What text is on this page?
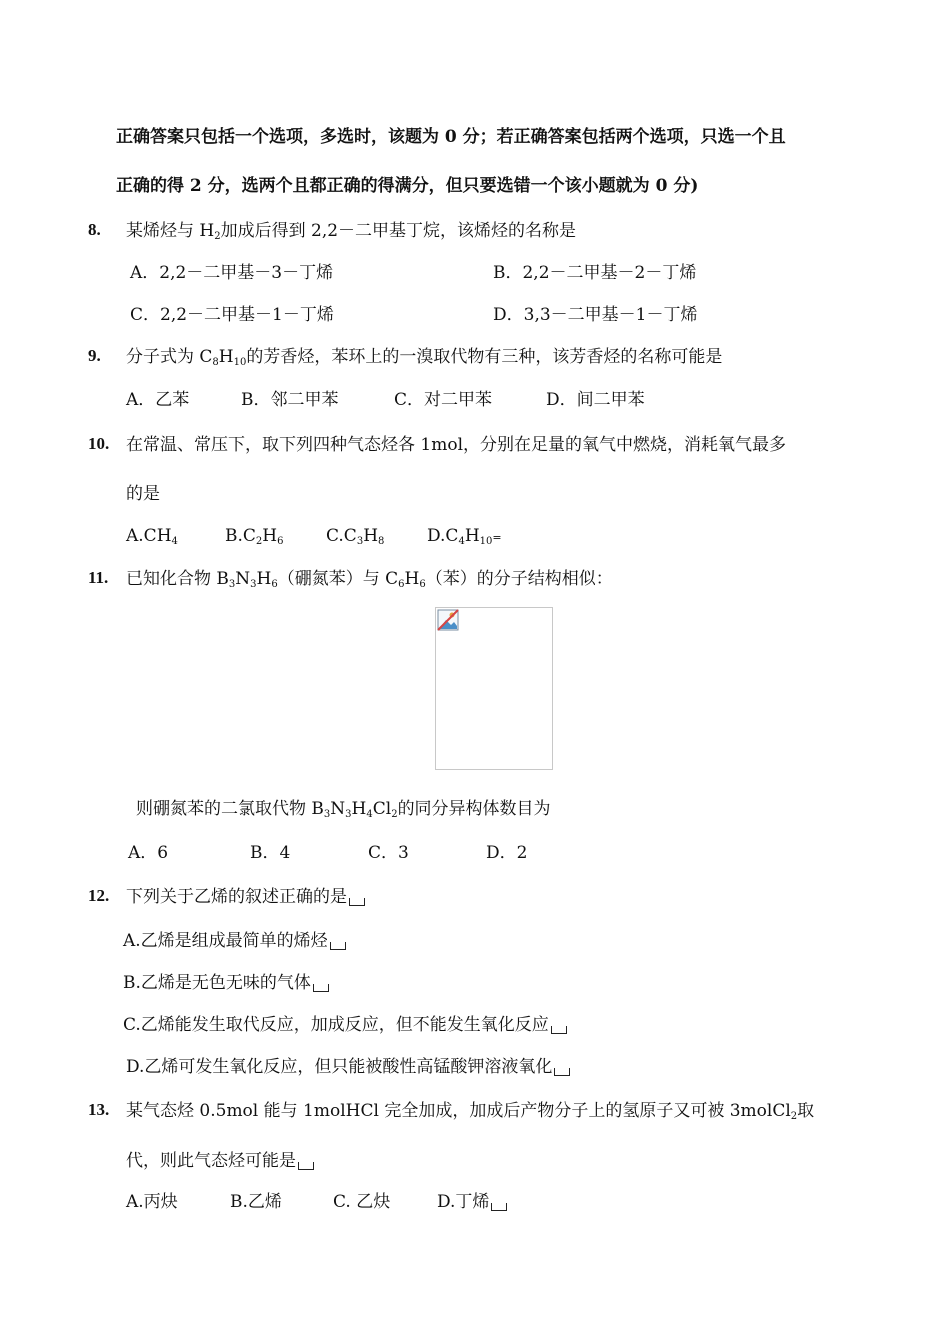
正确答案只包括一个选项，多选时，该题为 0 分；若正确答案包括两个选项，只选一个且
正确的得 2 分，选两个且都正确的得满分，但只要选错一个该小题就为 0 分)
8. 某烯烃与 $H_2$加成后得到 2,2－二甲基丁烷，该烯烃的名称是
A．2,2－二甲基－3－丁烯	B．2,2－二甲基－2－丁烯
C．2,2－二甲基－1－丁烯	D．3,3－二甲基－1－丁烯
9. 分子式为 $C_8H_{10}$的芳香烃，苯环上的一溴取代物有三种，该芳香烃的名称可能是
A．乙苯	B．邻二甲苯	C．对二甲苯	D．间二甲苯
10. 在常温、常压下，取下列四种气态烃各 1mol，分别在足量的氧气中燃烧，消耗氧气最多
的是
$A.CH_4$	$B.C_2H_6$	$C.C_3H_8$	$D.C_4H_{10}=$
11. 已知化合物 $B_3N_3H_6$（硼氮苯）与 $C_6H_6$（苯）的分子结构相似：
则硼氮苯的二氯取代物 $B_3N_3H_4Cl_2$的同分异构体数目为
A．6	B．4	C．3	D．2
12. 下列关于乙烯的叙述正确的是
A.乙烯是组成最简单的烯烃
B.乙烯是无色无味的气体
C.乙烯能发生取代反应，加成反应，但不能发生氧化反应
D.乙烯可发生氧化反应，但只能被酸性高锰酸钾溶液氧化
13. 某气态烃 0.5mol 能与 1molHCl 完全加成，加成后产物分子上的氢原子又可被 3molCl$_2$取
代，则此气态烃可能是
A.丙炔	B.乙烯	C. 乙炔	D.丁烯
